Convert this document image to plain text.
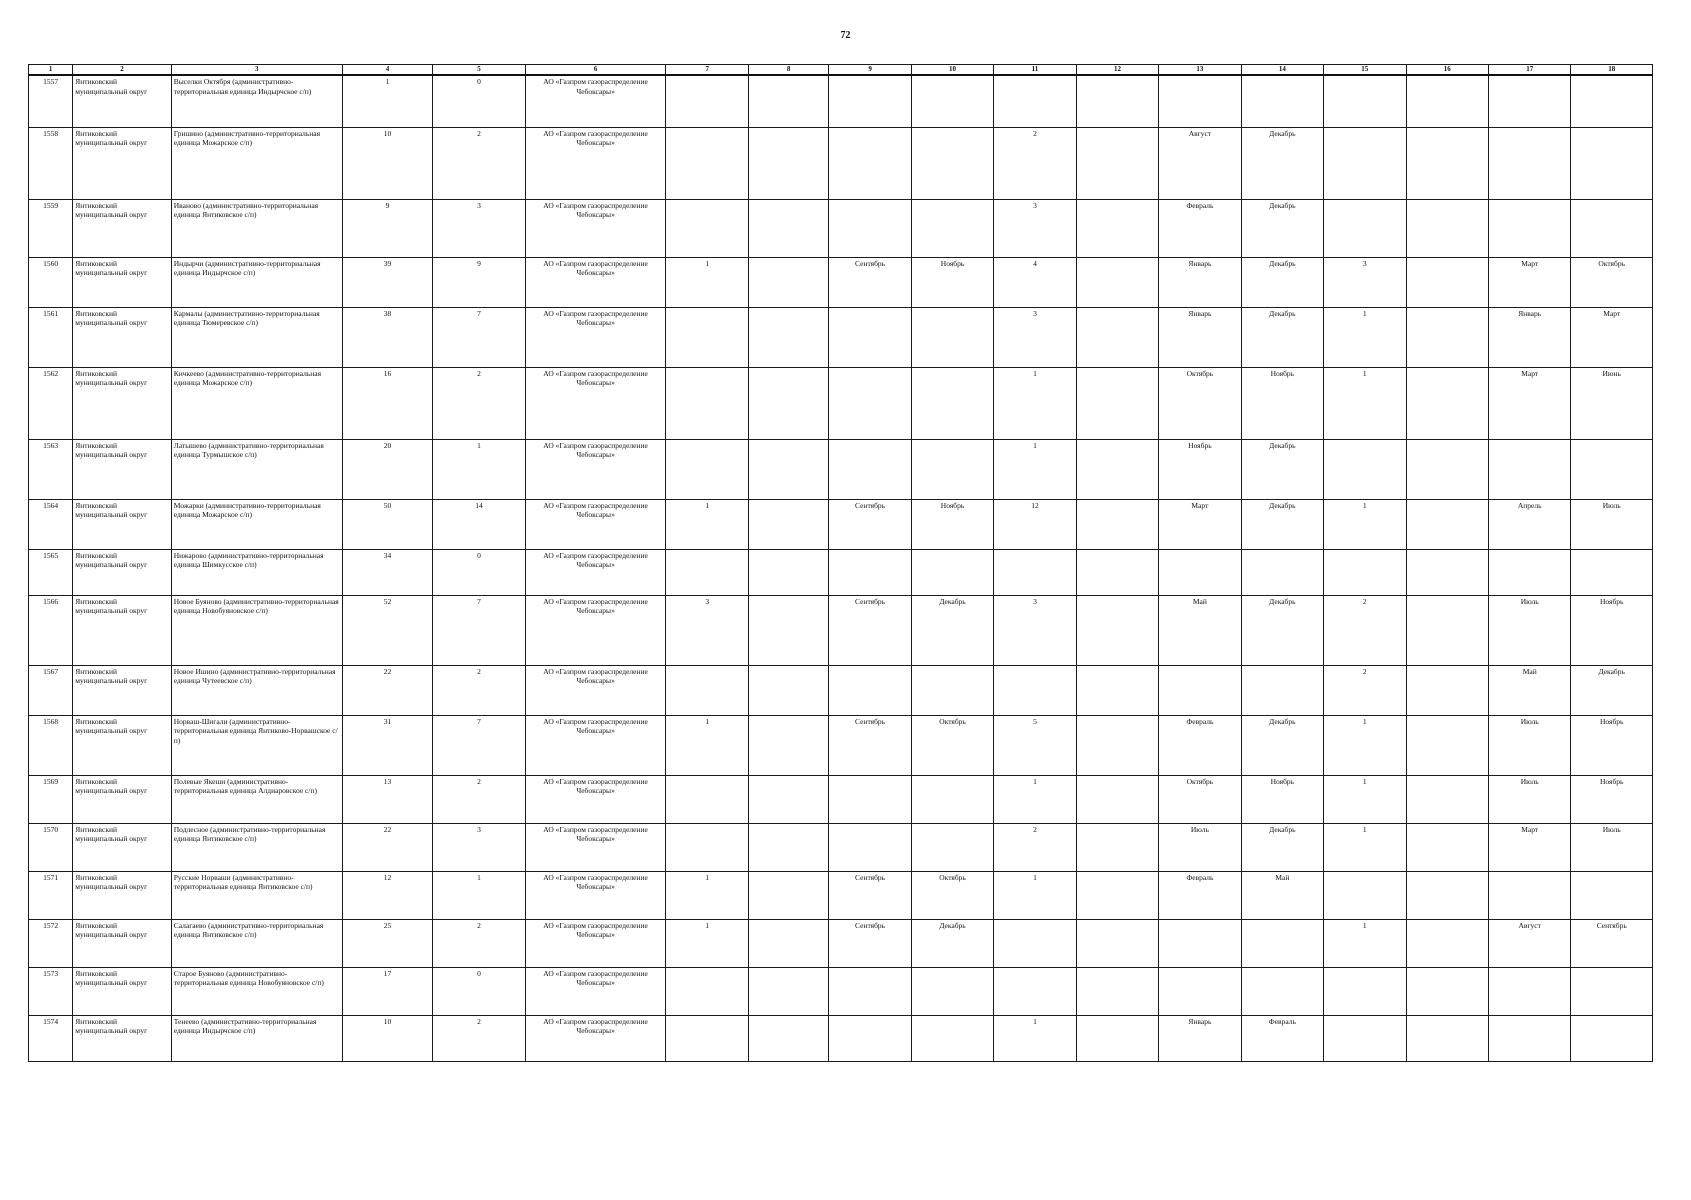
72
1	2	3	4	5	6	7	8	9	10	11	12	13	14	15	16	17	18
1557	Янтиковский муниципальный округ	Выселки Октября (административно-территориальная единица Индырчское с/п)	1	0	АО «Газпром газораспределение Чебоксары»												
1558	Янтиковский муниципальный округ	Гришино (административно-территориальная единица Можарское с/п)	10	2	АО «Газпром газораспределение Чебоксары»					2		Август	Декабрь				
1559	Янтиковский муниципальный округ	Иваново (административно-территориальная единица Янтиковское с/п)	9	3	АО «Газпром газораспределение Чебоксары»					3		Февраль	Декабрь				
1560	Янтиковский муниципальный округ	Индырчи (административно-территориальная единица Индырчское с/п)	39	9	АО «Газпром газораспределение Чебоксары»	1		Сентябрь	Ноябрь	4		Январь	Декабрь	3		Март	Октябрь
1561	Янтиковский муниципальный округ	Кармалы (административно-территориальная единица Тюмеревское с/п)	38	7	АО «Газпром газораспределение Чебоксары»					3		Январь	Декабрь	1		Январь	Март
1562	Янтиковский муниципальный округ	Кичкеево (административно-территориальная единица Можарское с/п)	16	2	АО «Газпром газораспределение Чебоксары»					1		Октябрь	Ноябрь	1		Март	Июнь
1563	Янтиковский муниципальный округ	Латышево (административно-территориальная единица Турмышское с/п)	20	1	АО «Газпром газораспределение Чебоксары»					1		Ноябрь	Декабрь				
1564	Янтиковский муниципальный округ	Можарки (административно-территориальная единица Можарское с/п)	50	14	АО «Газпром газораспределение Чебоксары»	1		Сентябрь	Ноябрь	12		Март	Декабрь	1		Апрель	Июль
1565	Янтиковский муниципальный округ	Нижарово (административно-территориальная единица Шимкусское с/п)	34	0	АО «Газпром газораспределение Чебоксары»												
1566	Янтиковский муниципальный округ	Новое Буяново (административно-территориальная единица Новобуяновское с/п)	52	7	АО «Газпром газораспределение Чебоксары»	3		Сентябрь	Декабрь	3		Май	Декабрь	2		Июль	Ноябрь
1567	Янтиковский муниципальный округ	Новое Ишино (административно-территориальная единица Чутеевское с/п)	22	2	АО «Газпром газораспределение Чебоксары»									2		Май	Декабрь
1568	Янтиковский муниципальный округ	Норваш-Шигали (административно-территориальная единица Янтиково-Норвашское с/п)	31	7	АО «Газпром газораспределение Чебоксары»	1		Сентябрь	Октябрь	5		Февраль	Декабрь	1		Июль	Ноябрь
1569	Янтиковский муниципальный округ	Полевые Якеши (административно-территориальная единица Алдиаровское с/п)	13	2	АО «Газпром газораспределение Чебоксары»					1		Октябрь	Ноябрь	1		Июль	Ноябрь
1570	Янтиковский муниципальный округ	Подлесное (административно-территориальная единица Янтиковское с/п)	22	3	АО «Газпром газораспределение Чебоксары»					2		Июль	Декабрь	1		Март	Июль
1571	Янтиковский муниципальный округ	Русские Норваши (административно-территориальная единица Янтиковское с/п)	12	1	АО «Газпром газораспределение Чебоксары»	1		Сентябрь	Октябрь	1		Февраль	Май				
1572	Янтиковский муниципальный округ	Салагаево (административно-территориальная единица Янтиковское с/п)	25	2	АО «Газпром газораспределение Чебоксары»	1		Сентябрь	Декабрь					1		Август	Сентябрь
1573	Янтиковский муниципальный округ	Старое Буяново (административно-территориальная единица Новобуяновское с/п)	17	0	АО «Газпром газораспределение Чебоксары»												
1574	Янтиковский муниципальный округ	Тенеево (административно-территориальная единица Индырчское с/п)	10	2	АО «Газпром газораспределение Чебоксары»					1		Январь	Февраль				
